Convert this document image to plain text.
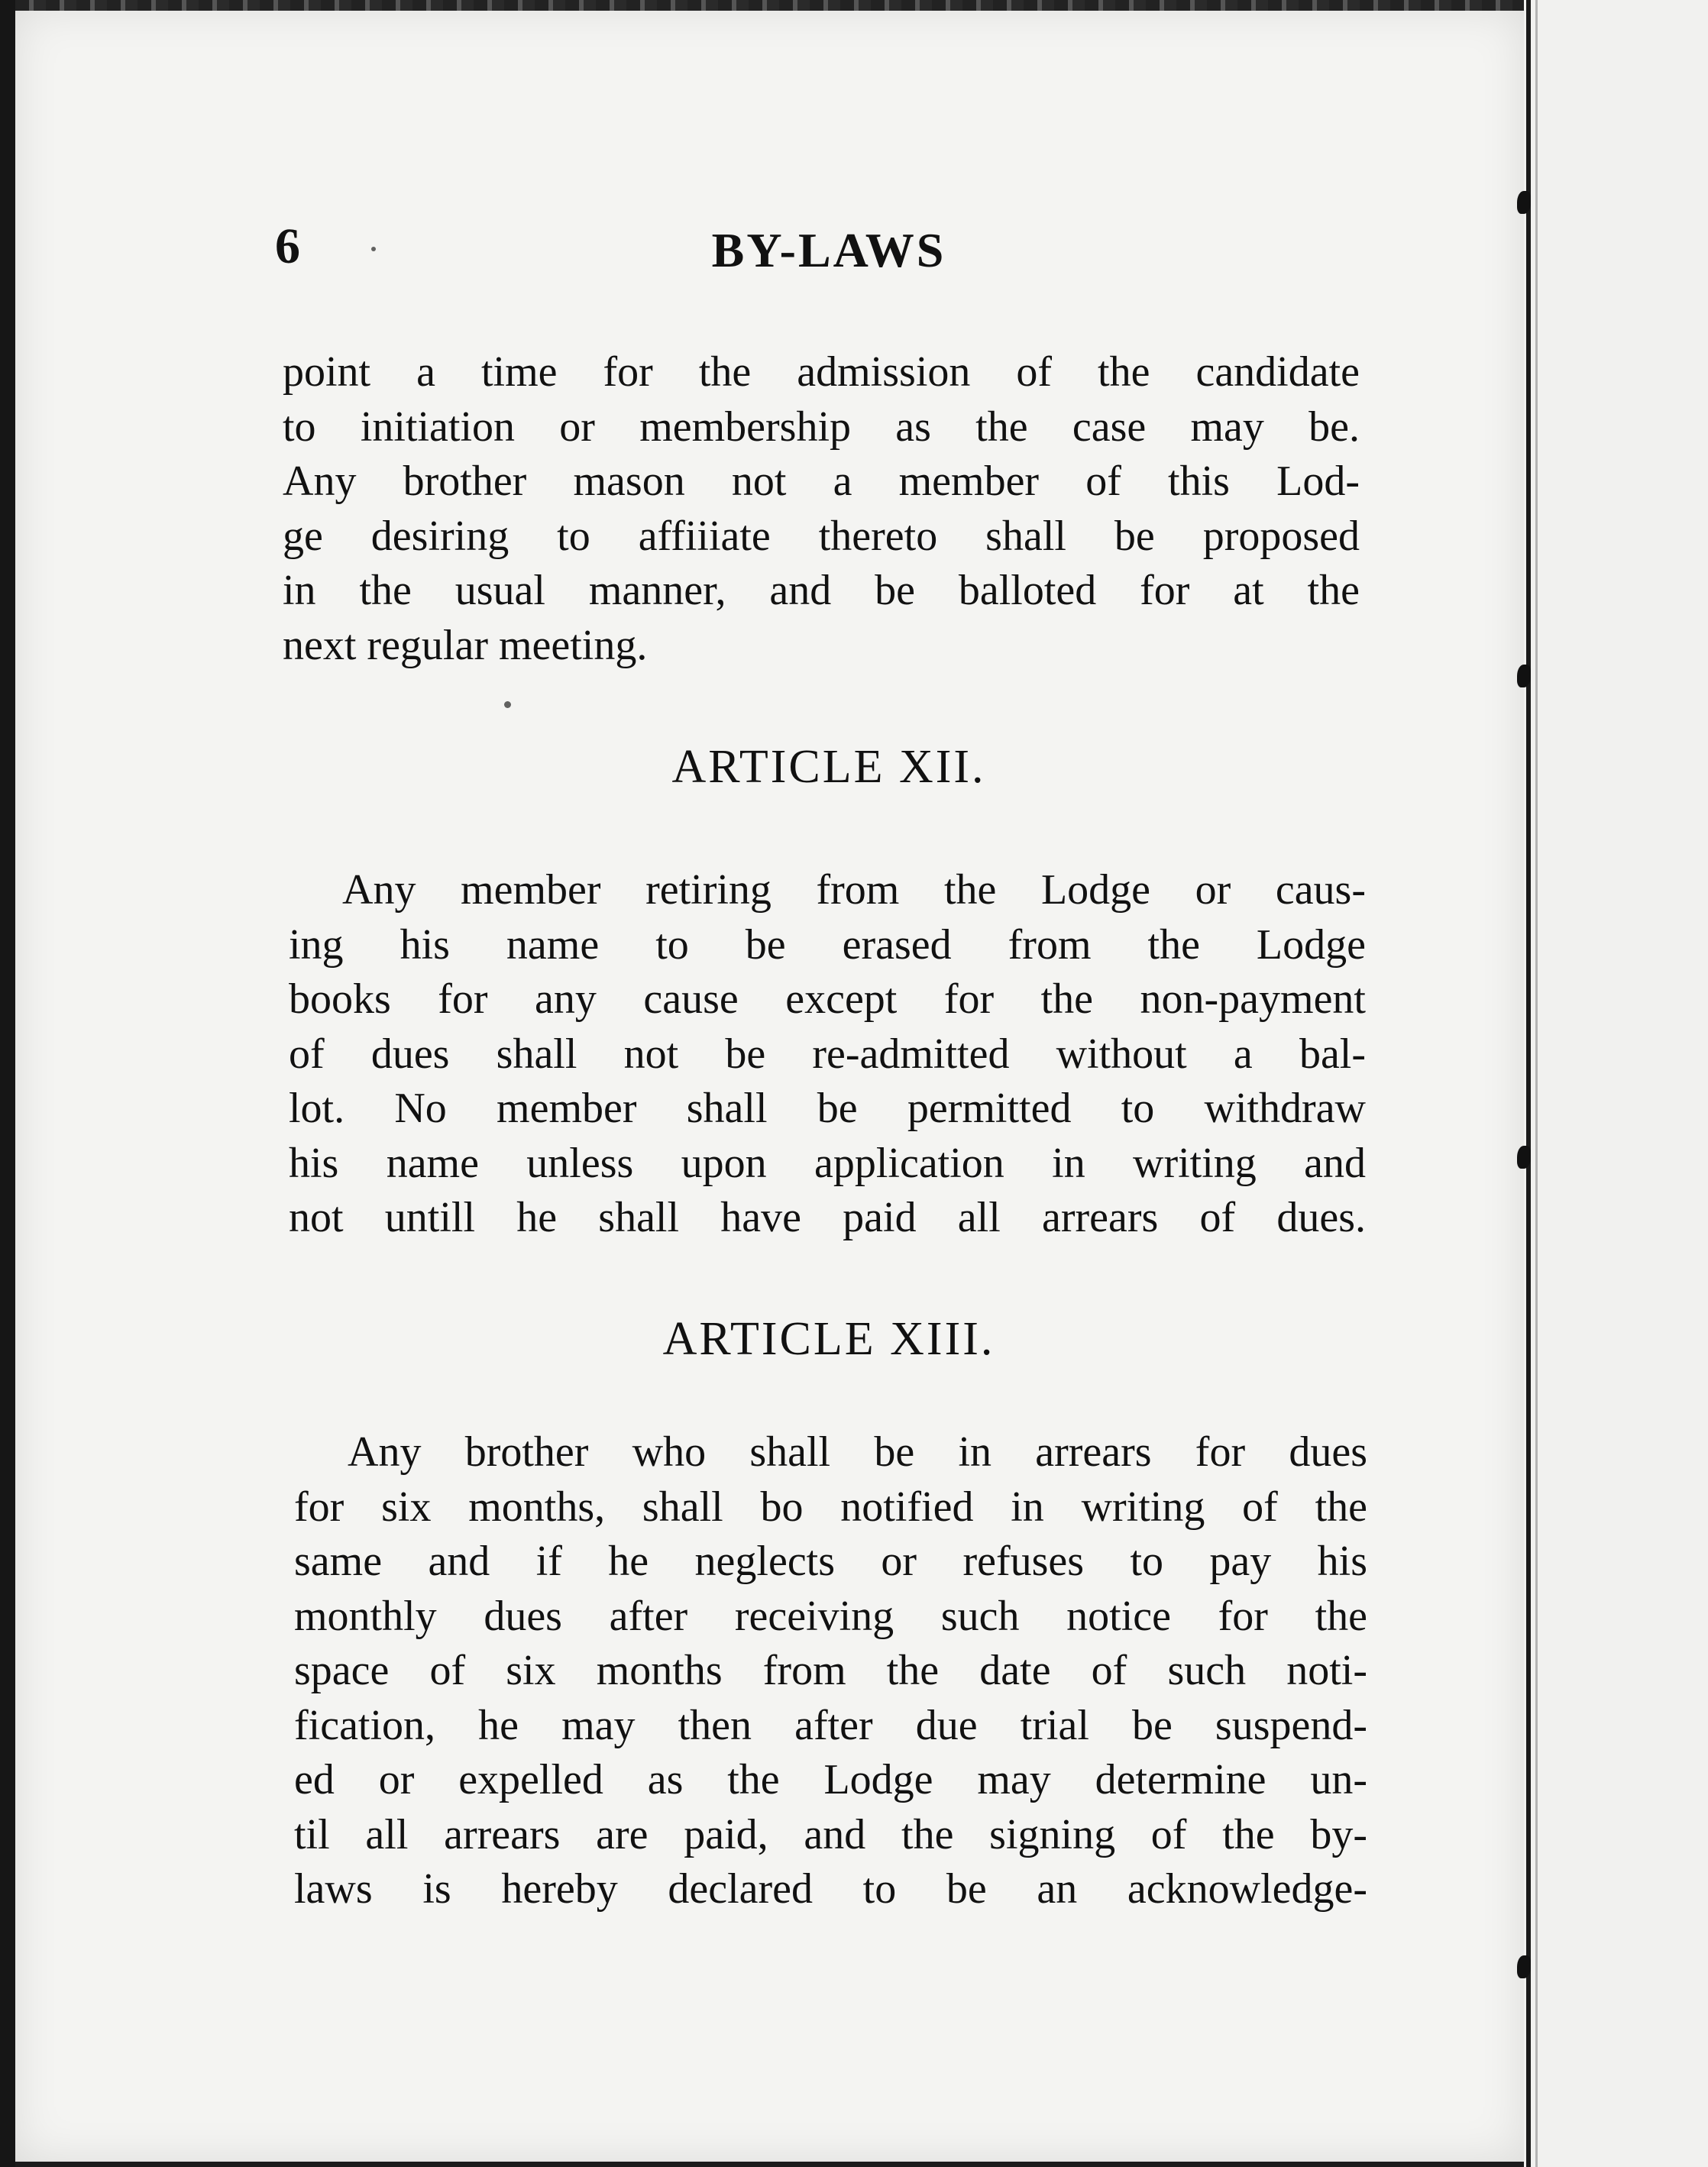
6	BY-LAWS

point a time for the admission of the candidate
to initiation or membership as the case may be.
Any brother mason not a member of this Lod-
ge desiring to affiiiate thereto shall be proposed
in the usual manner, and be balloted for at the
next regular meeting.

ARTICLE XII.

Any member retiring from the Lodge or caus-
ing his name to be erased from the Lodge
books for any cause except for the non-payment
of dues shall not be re-admitted without a bal-
lot. No member shall be permitted to withdraw
his name unless upon application in writing and
not untill he shall have paid all arrears of dues.

ARTICLE XIII.

Any brother who shall be in arrears for dues
for six months, shall bo notified in writing of the
same and if he neglects or refuses to pay his
monthly dues after receiving such notice for the
space of six months from the date of such noti-
fication, he may then after due trial be suspend-
ed or expelled as the Lodge may determine un-
til all arrears are paid, and the signing of the by-
laws is hereby declared to be an acknowledge-
